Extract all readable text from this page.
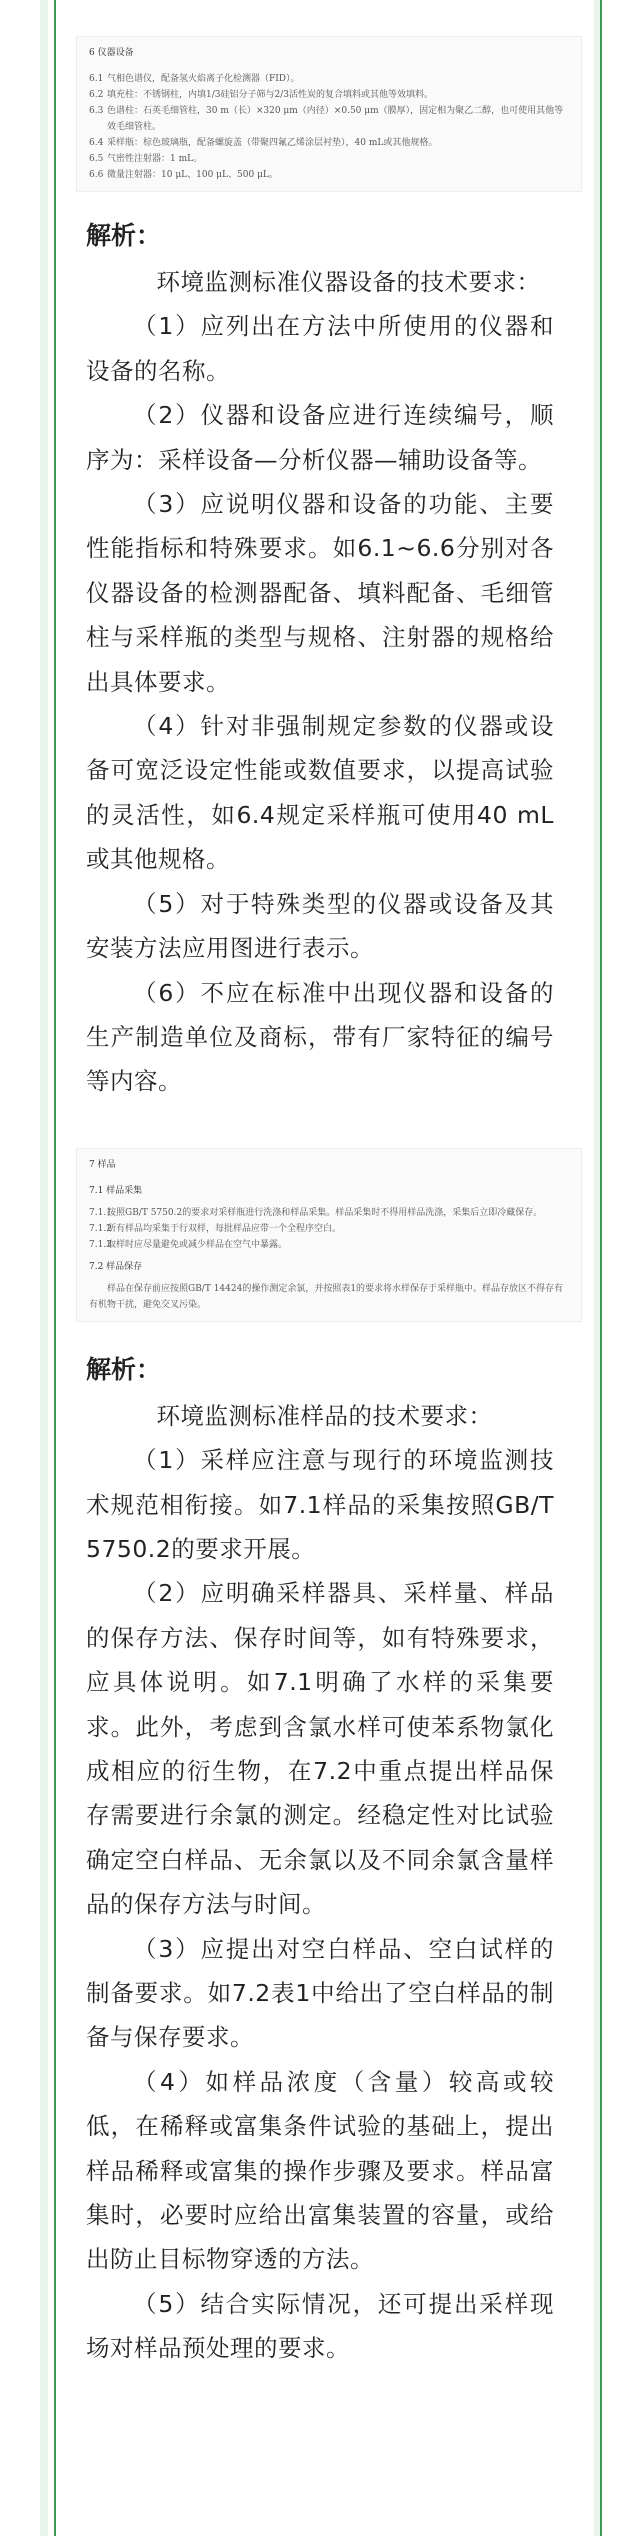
6 仪器设备
6.1 气相色谱仪，配备氢火焰离子化检测器（FID）。
6.2 填充柱：不锈钢柱，内填1/3硅铝分子筛与2/3活性炭的复合填料或其他等效填料。
6.3 色谱柱：石英毛细管柱，30 m（长）×320 μm（内径）×0.50 μm（膜厚），固定相为聚乙二醇，也可使用其他等效毛细管柱。
6.4 采样瓶：棕色玻璃瓶，配备螺旋盖（带聚四氟乙烯涂层衬垫），40 mL或其他规格。
6.5 气密性注射器：1 mL。
6.6 微量注射器：10 μL、100 μL、500 μL。
解析：

环境监测标准仪器设备的技术要求：

（1）应列出在方法中所使用的仪器和设备的名称。

（2）仪器和设备应进行连续编号，顺序为：采样设备—分析仪器—辅助设备等。

（3）应说明仪器和设备的功能、主要性能指标和特殊要求。如6.1~6.6分别对各仪器设备的检测器配备、填料配备、毛细管柱与采样瓶的类型与规格、注射器的规格给出具体要求。

（4）针对非强制规定参数的仪器或设备可宽泛设定性能或数值要求，以提高试验的灵活性，如6.4规定采样瓶可使用40 mL或其他规格。

（5）对于特殊类型的仪器或设备及其安装方法应用图进行表示。

（6）不应在标准中出现仪器和设备的生产制造单位及商标，带有厂家特征的编号等内容。

7 样品
7.1 样品采集
7.1.1
按照GB/T 5750.2的要求对采样瓶进行洗涤和样品采集。样品采集时不得用样品洗涤，采集后立即冷藏保存。
7.1.2
所有样品均采集于行双样，每批样品应带一个全程序空白。
7.1.3
取样时应尽量避免或减少样品在空气中暴露。
7.2 样品保存
样品在保存前应按照GB/T 14424的操作测定余氯，并按照表1的要求将水样保存于采样瓶中。样品存放区不得存有有机物干扰，避免交叉污染。
解析：

环境监测标准样品的技术要求：

（1）采样应注意与现行的环境监测技术规范相衔接。如7.1样品的采集按照GB/T 5750.2的要求开展。

（2）应明确采样器具、采样量、样品的保存方法、保存时间等，如有特殊要求，应具体说明。如7.1明确了水样的采集要求。此外，考虑到含氯水样可使苯系物氯化成相应的衍生物，在7.2中重点提出样品保存需要进行余氯的测定。经稳定性对比试验确定空白样品、无余氯以及不同余氯含量样品的保存方法与时间。

（3）应提出对空白样品、空白试样的制备要求。如7.2表1中给出了空白样品的制备与保存要求。

（4）如样品浓度（含量）较高或较低，在稀释或富集条件试验的基础上，提出样品稀释或富集的操作步骤及要求。样品富集时，必要时应给出富集装置的容量，或给出防止目标物穿透的方法。

（5）结合实际情况，还可提出采样现场对样品预处理的要求。
